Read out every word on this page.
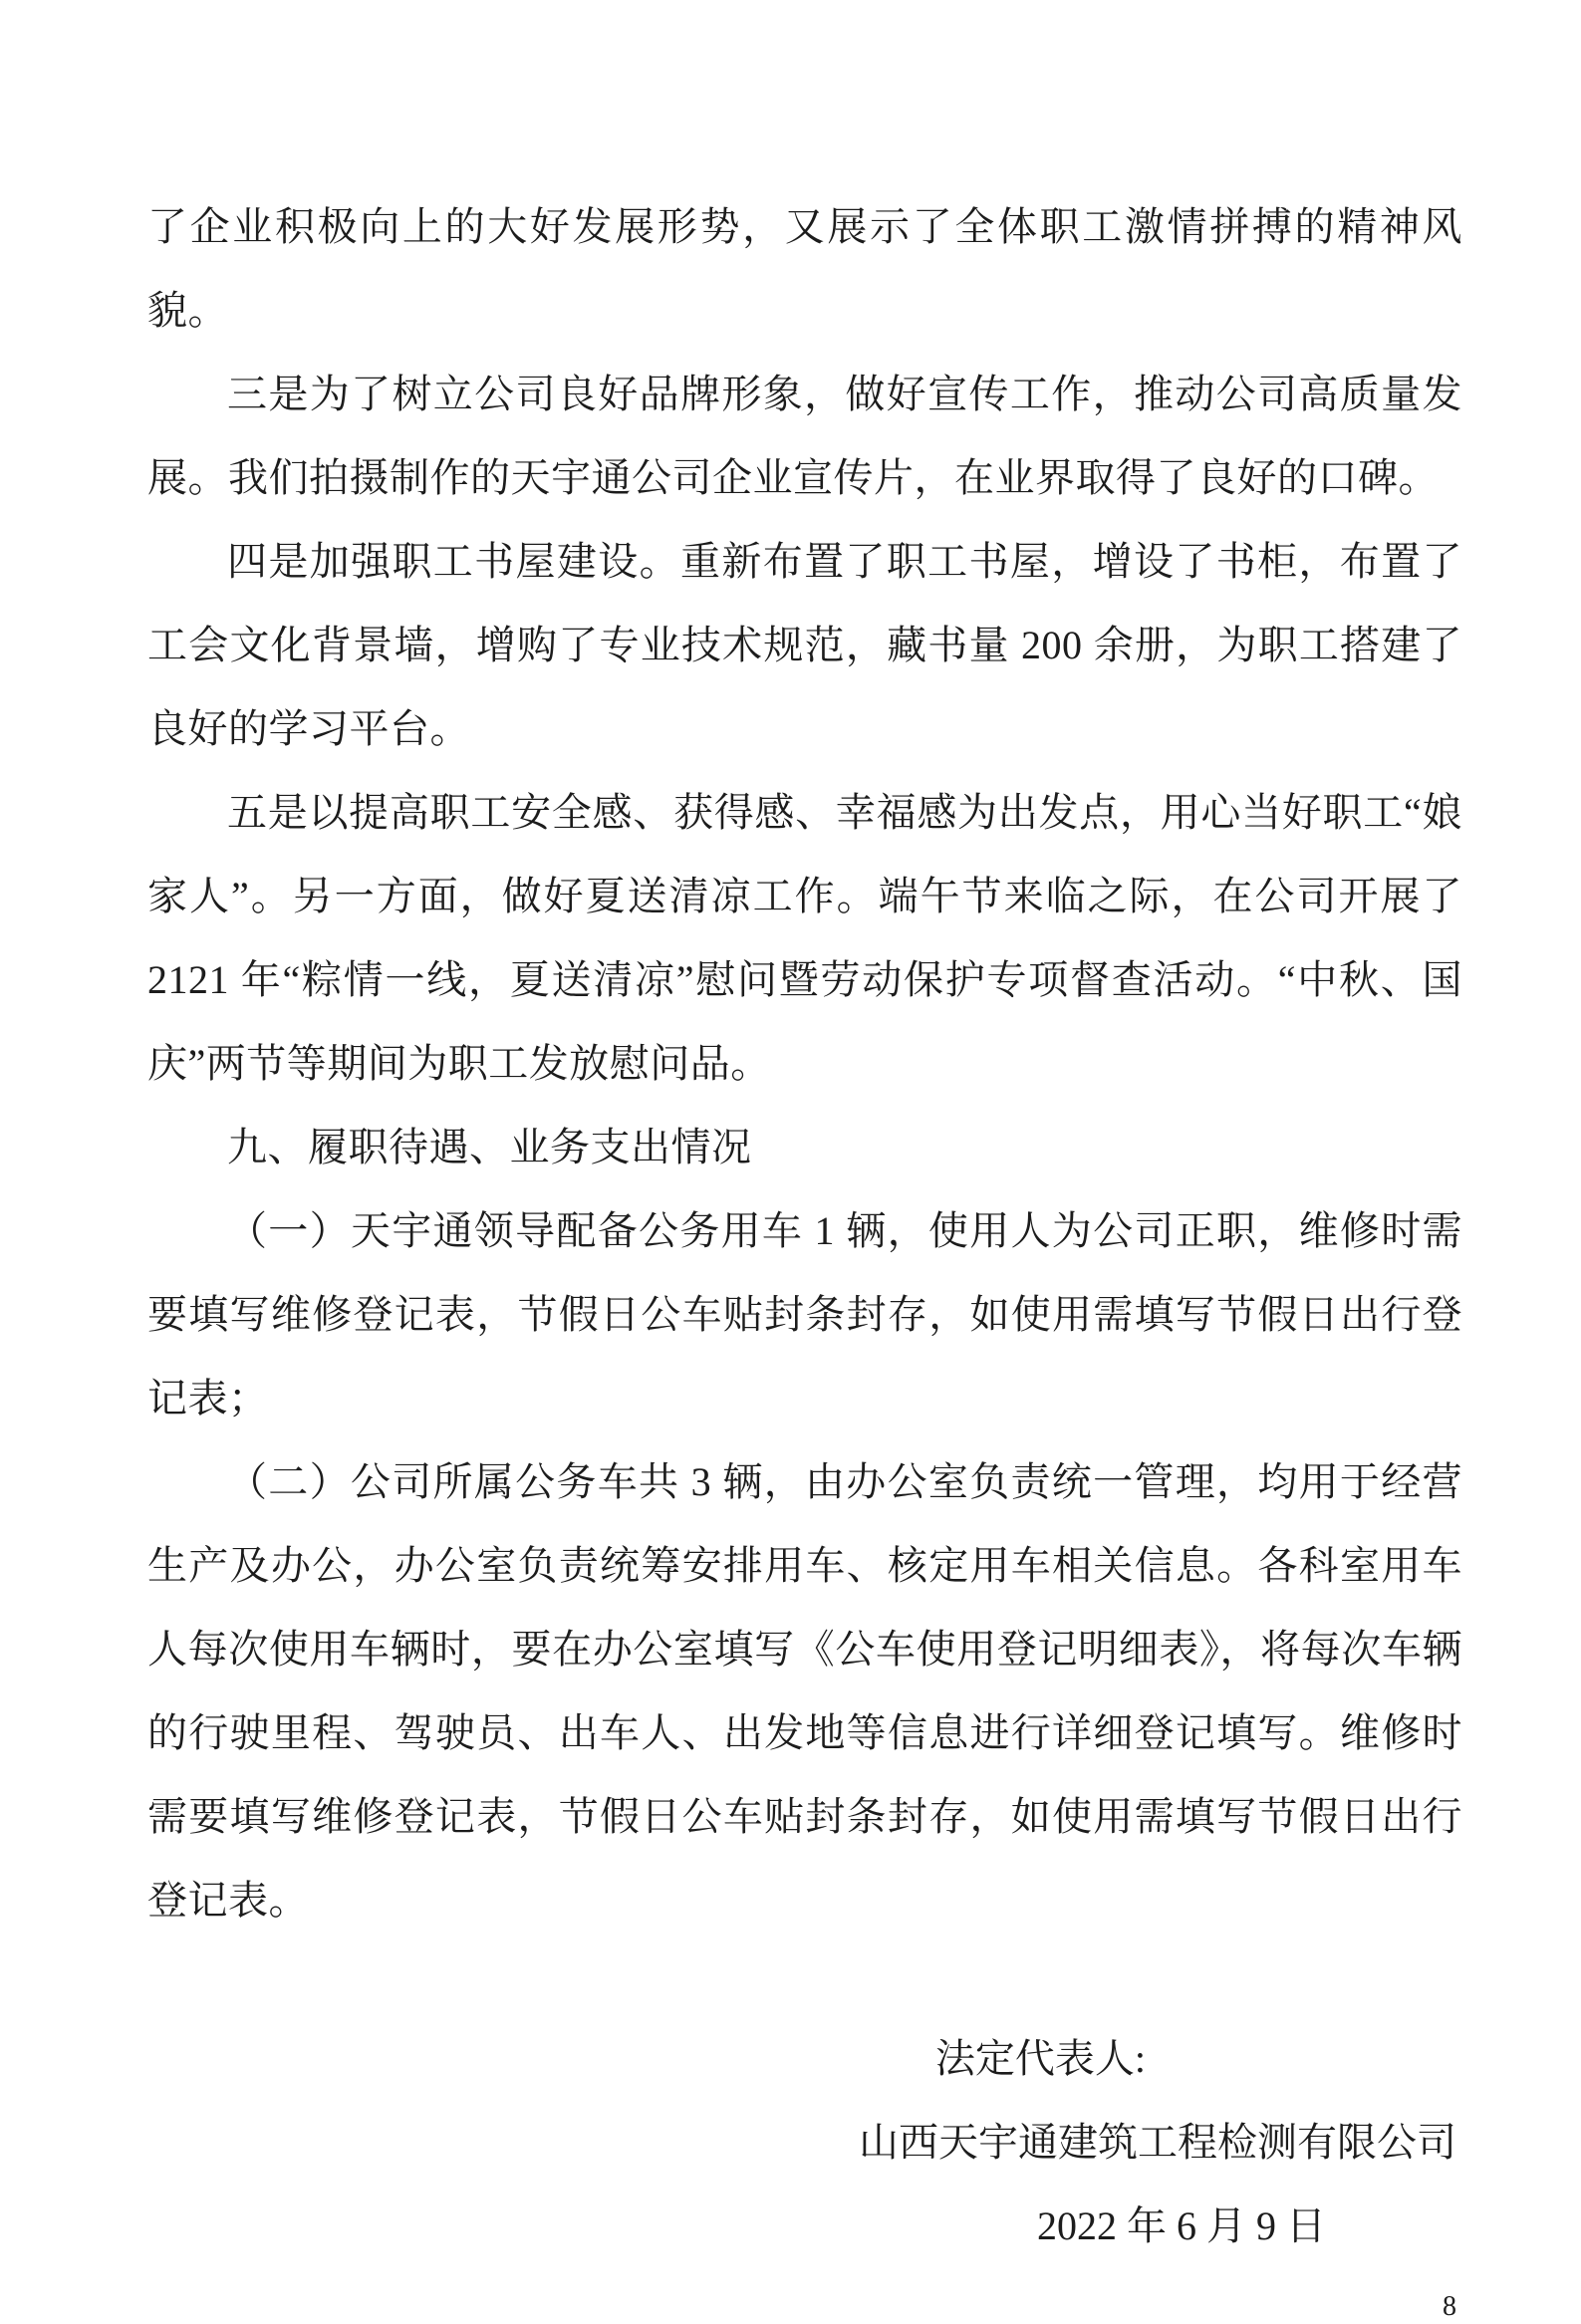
了企业积极向上的大好发展形势，又展示了全体职工激情拼搏的精神风貌。

三是为了树立公司良好品牌形象，做好宣传工作，推动公司高质量发展。我们拍摄制作的天宇通公司企业宣传片，在业界取得了良好的口碑。

四是加强职工书屋建设。重新布置了职工书屋，增设了书柜，布置了工会文化背景墙，增购了专业技术规范，藏书量 200 余册，为职工搭建了良好的学习平台。

五是以提高职工安全感、获得感、幸福感为出发点，用心当好职工“娘家人”。另一方面，做好夏送清凉工作。端午节来临之际，在公司开展了 2121 年“粽情一线，夏送清凉”慰问暨劳动保护专项督查活动。“中秋、国庆”两节等期间为职工发放慰问品。

九、履职待遇、业务支出情况

（一）天宇通领导配备公务用车 1 辆，使用人为公司正职，维修时需要填写维修登记表，节假日公车贴封条封存，如使用需填写节假日出行登记表；

（二）公司所属公务车共 3 辆，由办公室负责统一管理，均用于经营生产及办公，办公室负责统筹安排用车、核定用车相关信息。各科室用车人每次使用车辆时，要在办公室填写《公车使用登记明细表》，将每次车辆的行驶里程、驾驶员、出车人、出发地等信息进行详细登记填写。维修时需要填写维修登记表，节假日公车贴封条封存，如使用需填写节假日出行登记表。

法定代表人:

山西天宇通建筑工程检测有限公司

2022 年 6 月 9 日

8
